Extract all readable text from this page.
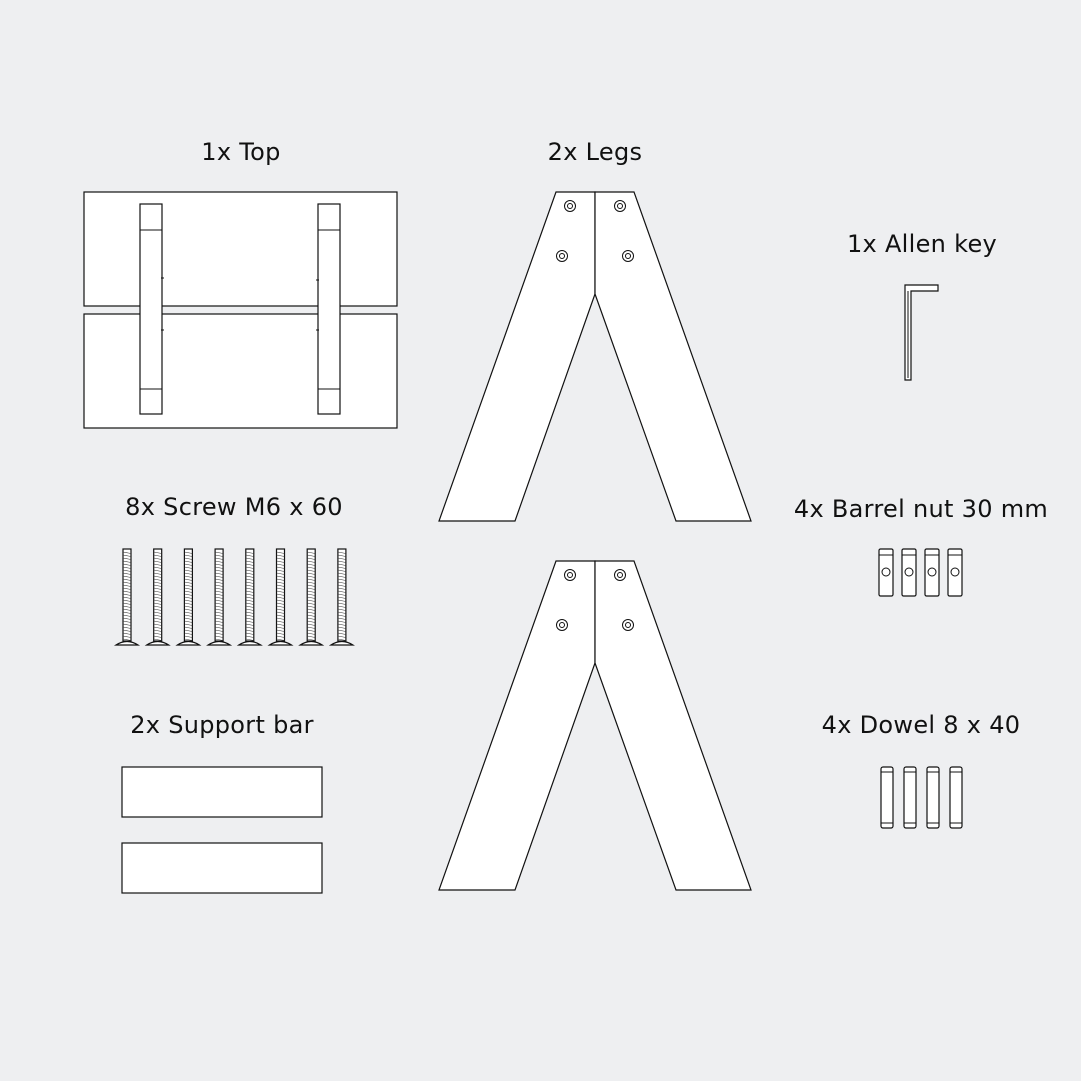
1x Top	2x Legs
1x Allen key
8x Screw M6 x 60	4x Barrel nut 30 mm
2x Support bar	4x Dowel 8 x 40
